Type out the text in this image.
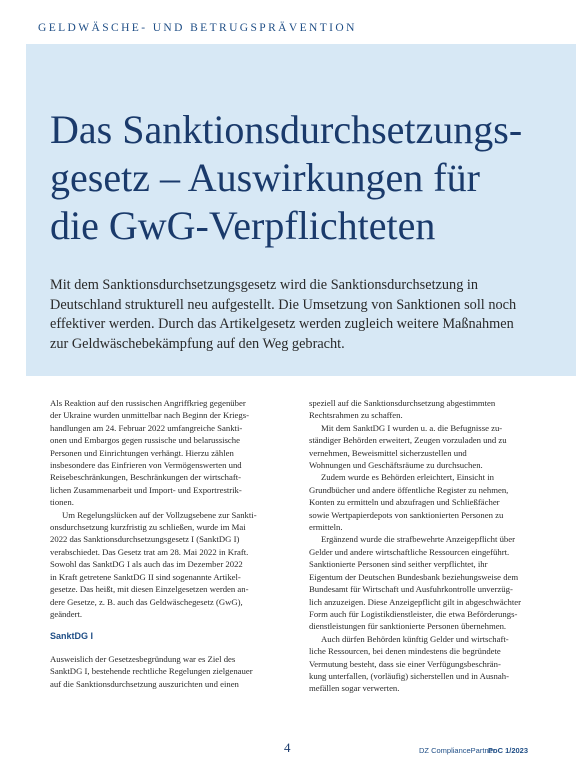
GELDWÄSCHE- UND BETRUGSPRÄVENTION
Das Sanktionsdurchsetzungs-
gesetz – Auswirkungen für
die GwG-Verpflichteten
Mit dem Sanktionsdurchsetzungsgesetz wird die Sanktionsdurchsetzung in
Deutschland strukturell neu aufgestellt. Die Umsetzung von Sanktionen soll noch
effektiver werden. Durch das Artikelgesetz werden zugleich weitere Maßnahmen
zur Geldwäschebekämpfung auf den Weg gebracht.
Als Reaktion auf den russischen Angriffkrieg gegenüber
der Ukraine wurden unmittelbar nach Beginn der Kriegs-
handlungen am 24. Februar 2022 umfangreiche Sankti-
onen und Embargos gegen russische und belarussische
Personen und Einrichtungen verhängt. Hierzu zählen
insbesondere das Einfrieren von Vermögenswerten und
Reisebeschränkungen, Beschränkungen der wirtschaft-
lichen Zusammenarbeit und Import- und Exportrestrik-
tionen.
Um Regelungslücken auf der Vollzugsebene zur Sankti-
onsdurchsetzung kurzfristig zu schließen, wurde im Mai
2022 das Sanktionsdurchsetzungsgesetz I (SanktDG I)
verabschiedet. Das Gesetz trat am 28. Mai 2022 in Kraft.
Sowohl das SanktDG I als auch das im Dezember 2022
in Kraft getretene SanktDG II sind sogenannte Artikel-
gesetze. Das heißt, mit diesen Einzelgesetzen werden an-
dere Gesetze, z. B. auch das Geldwäschegesetz (GwG),
geändert.
SanktDG I
Ausweislich der Gesetzesbegründung war es Ziel des
SanktDG I, bestehende rechtliche Regelungen zielgenauer
auf die Sanktionsdurchsetzung auszurichten und einen
speziell auf die Sanktionsdurchsetzung abgestimmten
Rechtsrahmen zu schaffen.
Mit dem SanktDG I wurden u. a. die Befugnisse zu-
ständiger Behörden erweitert, Zeugen vorzuladen und zu
vernehmen, Beweismittel sicherzustellen und
Wohnungen und Geschäftsräume zu durchsuchen.
Zudem wurde es Behörden erleichtert, Einsicht in
Grundbücher und andere öffentliche Register zu nehmen,
Konten zu ermitteln und abzufragen und Schließfächer
sowie Wertpapierdepots von sanktionierten Personen zu
ermitteln.
Ergänzend wurde die strafbewehrte Anzeigepflicht über
Gelder und andere wirtschaftliche Ressourcen eingeführt.
Sanktionierte Personen sind seither verpflichtet, ihr
Eigentum der Deutschen Bundesbank beziehungsweise dem
Bundesamt für Wirtschaft und Ausfuhrkontrolle unverzüg-
lich anzuzeigen. Diese Anzeigepflicht gilt in abgeschwächter
Form auch für Logistikdienstleister, die etwa Beförderungs-
dienstleistungen für sanktionierte Personen übernehmen.
Auch dürfen Behörden künftig Gelder und wirtschaft-
liche Ressourcen, bei denen mindestens die begründete
Vermutung besteht, dass sie einer Verfügungsbeschrän-
kung unterfallen, (vorläufig) sicherstellen und in Ausnah-
mefällen sogar verwerten.
4	DZ CompliancePartner
PoC 1/2023
